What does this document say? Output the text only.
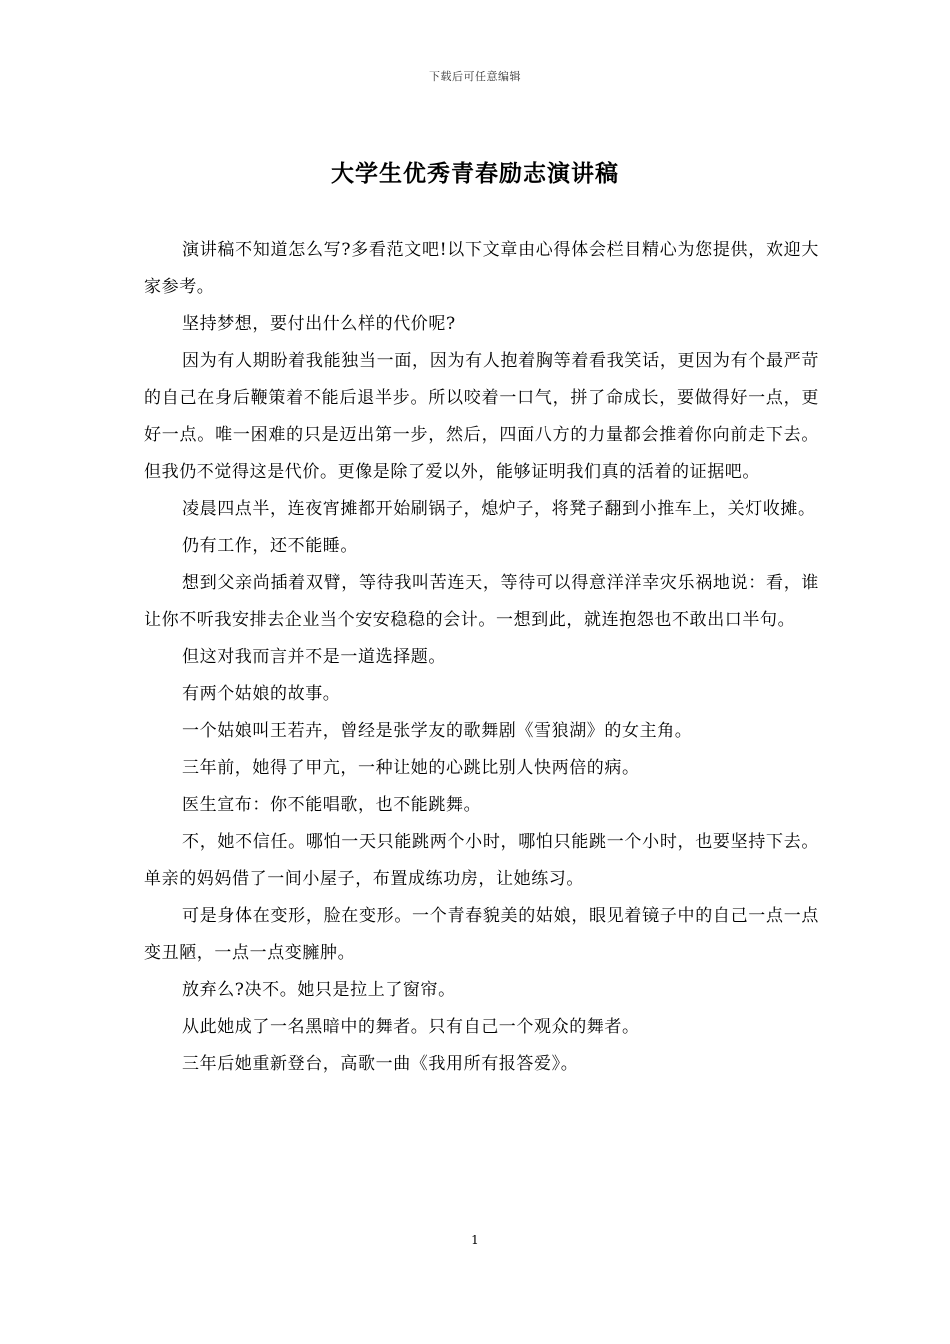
下载后可任意编辑
大学生优秀青春励志演讲稿

演讲稿不知道怎么写?多看范文吧!以下文章由心得体会栏目精心为您提供，欢迎大家参考。

坚持梦想，要付出什么样的代价呢?

因为有人期盼着我能独当一面，因为有人抱着胸等着看我笑话，更因为有个最严苛的自己在身后鞭策着不能后退半步。所以咬着一口气，拼了命成长，要做得好一点，更好一点。唯一困难的只是迈出第一步，然后，四面八方的力量都会推着你向前走下去。但我仍不觉得这是代价。更像是除了爱以外，能够证明我们真的活着的证据吧。

凌晨四点半，连夜宵摊都开始刷锅子，熄炉子，将凳子翻到小推车上，关灯收摊。

仍有工作，还不能睡。

想到父亲尚插着双臂，等待我叫苦连天，等待可以得意洋洋幸灾乐祸地说：看，谁让你不听我安排去企业当个安安稳稳的会计。一想到此，就连抱怨也不敢出口半句。

但这对我而言并不是一道选择题。

有两个姑娘的故事。

一个姑娘叫王若卉，曾经是张学友的歌舞剧《雪狼湖》的女主角。

三年前，她得了甲亢，一种让她的心跳比别人快两倍的病。

医生宣布：你不能唱歌，也不能跳舞。

不，她不信任。哪怕一天只能跳两个小时，哪怕只能跳一个小时，也要坚持下去。单亲的妈妈借了一间小屋子，布置成练功房，让她练习。

可是身体在变形，脸在变形。一个青春貌美的姑娘，眼见着镜子中的自己一点一点变丑陋，一点一点变臃肿。

放弃么?决不。她只是拉上了窗帘。

从此她成了一名黑暗中的舞者。只有自己一个观众的舞者。

三年后她重新登台，高歌一曲《我用所有报答爱》。

1
